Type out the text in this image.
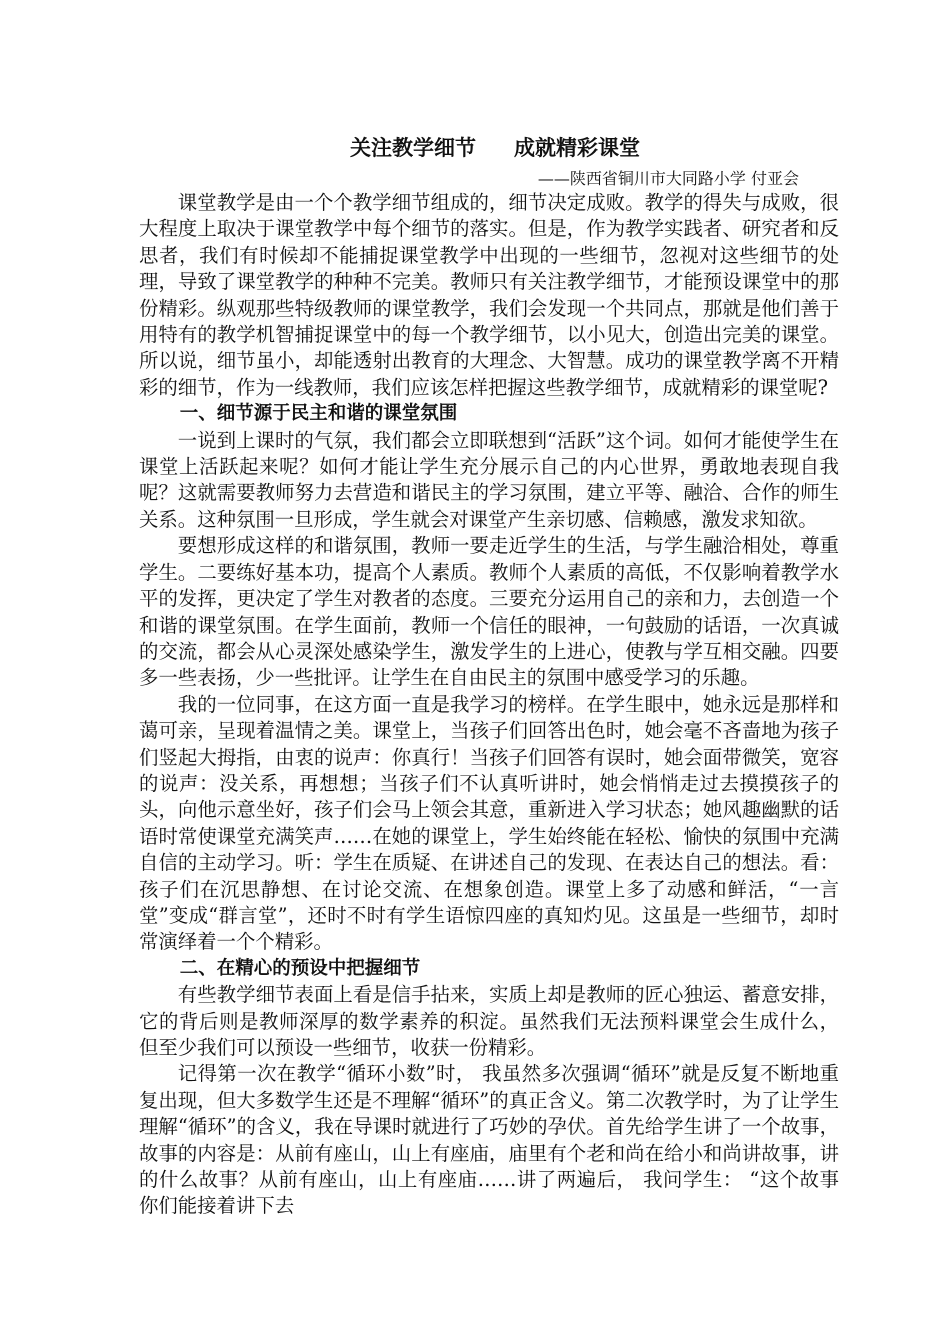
关注教学细节 成就精彩课堂
——陕西省铜川市大同路小学 付亚会

课堂教学是由一个个教学细节组成的，细节决定成败。教学的得失与成败，很大程度上取决于课堂教学中每个细节的落实。但是，作为教学实践者、研究者和反思者，我们有时候却不能捕捉课堂教学中出现的一些细节，忽视对这些细节的处理，导致了课堂教学的种种不完美。教师只有关注教学细节，才能预设课堂中的那份精彩。纵观那些特级教师的课堂教学，我们会发现一个共同点，那就是他们善于用特有的教学机智捕捉课堂中的每一个教学细节，以小见大，创造出完美的课堂。所以说，细节虽小，却能透射出教育的大理念、大智慧。成功的课堂教学离不开精彩的细节，作为一线教师，我们应该怎样把握这些教学细节，成就精彩的课堂呢?

一、细节源于民主和谐的课堂氛围

一说到上课时的气氛，我们都会立即联想到“活跃”这个词。如何才能使学生在课堂上活跃起来呢？如何才能让学生充分展示自己的内心世界，勇敢地表现自我呢？这就需要教师努力去营造和谐民主的学习氛围，建立平等、融洽、合作的师生关系。这种氛围一旦形成，学生就会对课堂产生亲切感、信赖感，激发求知欲。

要想形成这样的和谐氛围，教师一要走近学生的生活，与学生融洽相处，尊重学生。二要练好基本功，提高个人素质。教师个人素质的高低，不仅影响着教学水平的发挥，更决定了学生对教者的态度。三要充分运用自己的亲和力，去创造一个和谐的课堂氛围。在学生面前，教师一个信任的眼神，一句鼓励的话语，一次真诚的交流，都会从心灵深处感染学生，激发学生的上进心，使教与学互相交融。四要多一些表扬，少一些批评。让学生在自由民主的氛围中感受学习的乐趣。

我的一位同事，在这方面一直是我学习的榜样。在学生眼中，她永远是那样和蔼可亲，呈现着温情之美。课堂上，当孩子们回答出色时，她会毫不吝啬地为孩子们竖起大拇指，由衷的说声：你真行！当孩子们回答有误时，她会面带微笑，宽容的说声：没关系，再想想；当孩子们不认真听讲时，她会悄悄走过去摸摸孩子的头，向他示意坐好，孩子们会马上领会其意，重新进入学习状态；她风趣幽默的话语时常使课堂充满笑声……在她的课堂上，学生始终能在轻松、愉快的氛围中充满自信的主动学习。听：学生在质疑、在讲述自己的发现、在表达自己的想法。看：孩子们在沉思静想、在讨论交流、在想象创造。课堂上多了动感和鲜活，“一言堂”变成“群言堂”，还时不时有学生语惊四座的真知灼见。这虽是一些细节，却时常演绎着一个个精彩。

二、在精心的预设中把握细节

有些教学细节表面上看是信手拈来，实质上却是教师的匠心独运、蓄意安排，它的背后则是教师深厚的数学素养的积淀。虽然我们无法预料课堂会生成什么， 但至少我们可以预设一些细节，收获一份精彩。

记得第一次在教学“循环小数”时， 我虽然多次强调“循环”就是反复不断地重复出现，但大多数学生还是不理解“循环”的真正含义。第二次教学时，为了让学生理解“循环”的含义，我在导课时就进行了巧妙的孕伏。首先给学生讲了一个故事，故事的内容是：从前有座山，山上有座庙，庙里有个老和尚在给小和尚讲故事，讲的什么故事？从前有座山，山上有座庙……讲了两遍后， 我问学生： “这个故事你们能接着讲下去
